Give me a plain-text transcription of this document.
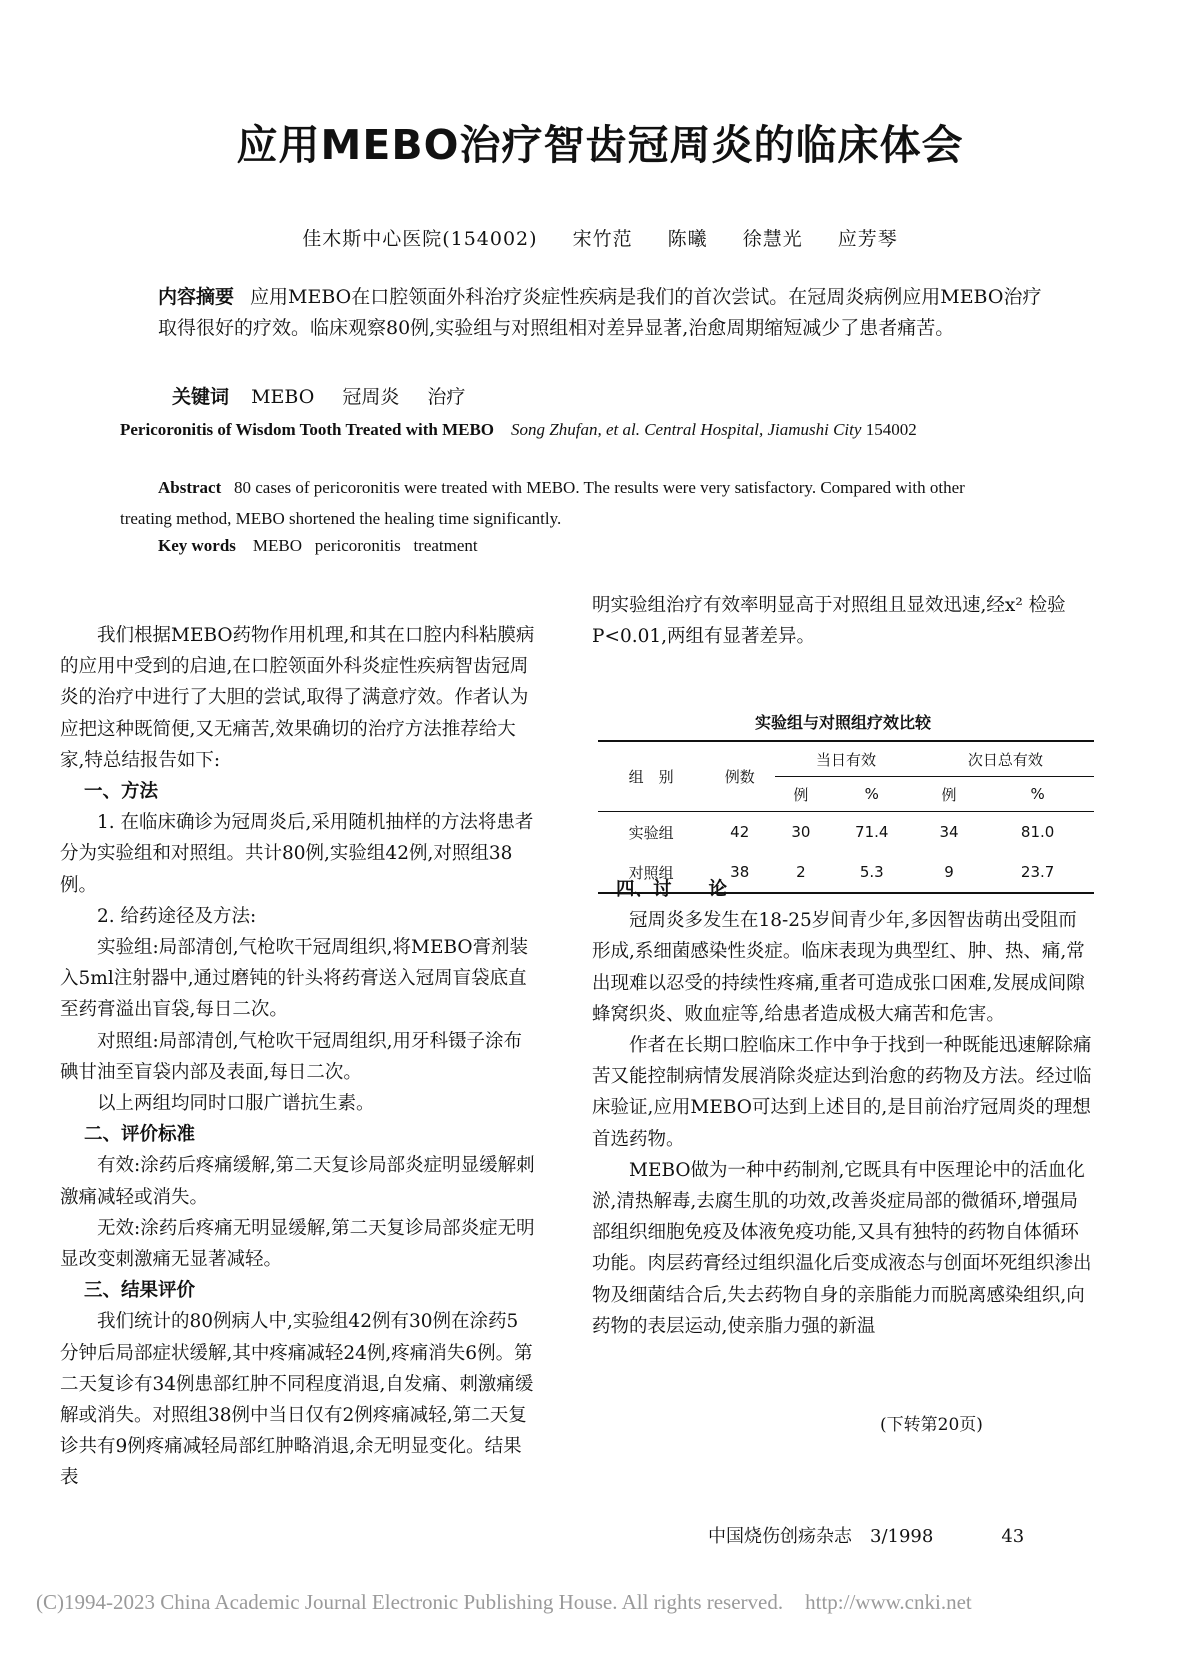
应用MEBO治疗智齿冠周炎的临床体会
佳木斯中心医院(154002) 宋竹范 陈曦 徐慧光 应芳琴
内容摘要 应用MEBO在口腔领面外科治疗炎症性疾病是我们的首次尝试。在冠周炎病例应用MEBO治疗取得很好的疗效。临床观察80例,实验组与对照组相对差异显著,治愈周期缩短减少了患者痛苦。
关键词 MEBO 冠周炎 治疗
Pericoronitis of Wisdom Tooth Treated with MEBO Song Zhufan, et al. Central Hospital, Jiamushi City 154002
Abstract 80 cases of pericoronitis were treated with MEBO. The results were very satisfactory. Compared with other treating method, MEBO shortened the healing time significantly.
Key words MEBO   pericoronitis   treatment

我们根据MEBO药物作用机理,和其在口腔内科粘膜病的应用中受到的启迪,在口腔领面外科炎症性疾病智齿冠周炎的治疗中进行了大胆的尝试,取得了满意疗效。作者认为应把这种既简便,又无痛苦,效果确切的治疗方法推荐给大家,特总结报告如下:

一、方法

1. 在临床确诊为冠周炎后,采用随机抽样的方法将患者分为实验组和对照组。共计80例,实验组42例,对照组38例。

2. 给药途径及方法:

实验组:局部清创,气枪吹干冠周组织,将MEBO膏剂装入5ml注射器中,通过磨钝的针头将药膏送入冠周盲袋底直至药膏溢出盲袋,每日二次。

对照组:局部清创,气枪吹干冠周组织,用牙科镊子涂布碘甘油至盲袋内部及表面,每日二次。

以上两组均同时口服广谱抗生素。

二、评价标准

有效:涂药后疼痛缓解,第二天复诊局部炎症明显缓解刺激痛减轻或消失。

无效:涂药后疼痛无明显缓解,第二天复诊局部炎症无明显改变刺激痛无显著减轻。

三、结果评价

我们统计的80例病人中,实验组42例有30例在涂药5分钟后局部症状缓解,其中疼痛减轻24例,疼痛消失6例。第二天复诊有34例患部红肿不同程度消退,自发痛、刺激痛缓解或消失。对照组38例中当日仅有2例疼痛减轻,第二天复诊共有9例疼痛减轻局部红肿略消退,余无明显变化。结果表

明实验组治疗有效率明显高于对照组且显效迅速,经x² 检验P<0.01,两组有显著差异。

实验组与对照组疗效比较
组　别	例数	当日有效		次日总有效	
		例	%	例	%
实验组	42	30	71.4	34	81.0
对照组	38	2	5.3	9	23.7

四、讨　　论

冠周炎多发生在18-25岁间青少年,多因智齿萌出受阻而形成,系细菌感染性炎症。临床表现为典型红、肿、热、痛,常出现难以忍受的持续性疼痛,重者可造成张口困难,发展成间隙蜂窝织炎、败血症等,给患者造成极大痛苦和危害。

作者在长期口腔临床工作中争于找到一种既能迅速解除痛苦又能控制病情发展消除炎症达到治愈的药物及方法。经过临床验证,应用MEBO可达到上述目的,是目前治疗冠周炎的理想首选药物。

MEBO做为一种中药制剂,它既具有中医理论中的活血化淤,清热解毒,去腐生肌的功效,改善炎症局部的微循环,增强局部组织细胞免疫及体液免疫功能,又具有独特的药物自体循环功能。肉层药膏经过组织温化后变成液态与创面坏死组织渗出物及细菌结合后,失去药物自身的亲脂能力而脱离感染组织,向药物的表层运动,使亲脂力强的新温

(下转第20页)
中国烧伤创疡杂志　3/1998	43
(C)1994-2023 China Academic Journal Electronic Publishing House. All rights reserved. http://www.cnki.net
